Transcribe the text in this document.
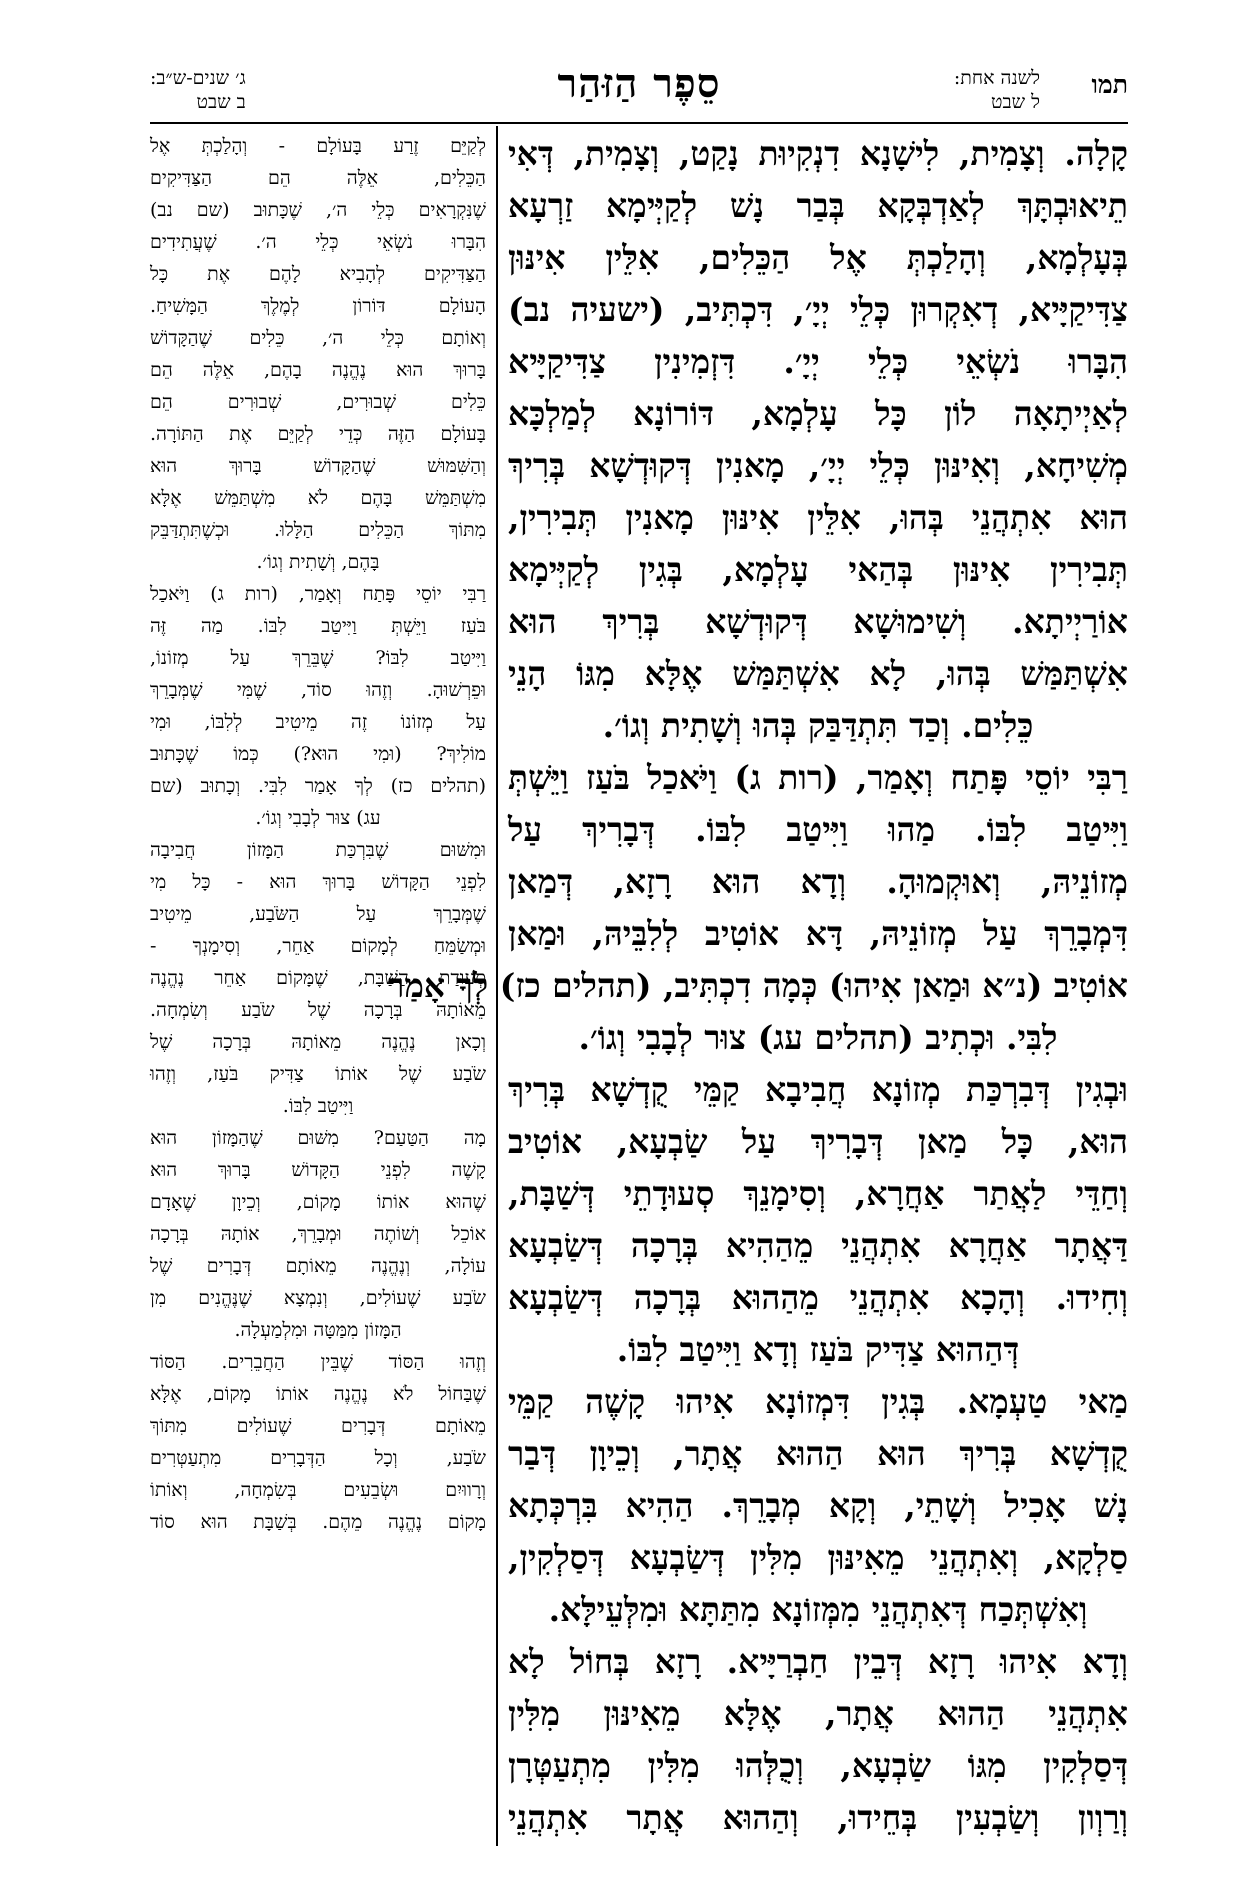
תמו
לשנה אחת:
ל שבט
סֵפֶר הַזּהַר
ג׳ שנים-ש״ב:
ב שבט
קָלָה. וְצָמִית, לִישָׁנָא דִנְקִיוּת נָקַט, וְצָמִית, דְּאִי
תֵיאוּבְתָּךְ לְאַדְבְּקָא בְּבַר נָשׁ לְקַיְּימָא זַרְעָא
בְּעָלְמָא, וְהָלַכְתְּ אֶל הַכֵּלִים, אִלֵּין אִינּוּן
צַדִּיקַיָּיא, דְאִקְרוּן כְּלֵי יְיָ׳, דִּכְתִּיב, (ישעיה נב)
הִבָּרוּ נֹשְׂאֵי כְּלֵי יְיָ׳. דִּזְמִינִין צַדִּיקַיָּיא
לְאַיְיתָאָה לוֹן כָּל עָלְמָא, דּוֹרוֹנָא לְמַלְכָּא
מְשִׁיחָא, וְאִינּוּן כְּלֵי יְיָ׳, מָאנִין דְּקוּדְשָׁא בְּרִיךְ
הוּא אִתְהֲנֵי בְּהוּ, אִלֵּין אִינּוּן מָאנִין תְּבִירִין,
תְּבִירִין אִינּוּן בְּהַאי עָלְמָא, בְּגִין לְקַיְּימָא
אוֹרַיְיתָא. וְשִׁימוּשָׁא דְּקוּדְשָׁא בְּרִיךְ הוּא
אִשְׁתַּמַּשׁ בְּהוּ, לָא אִשְׁתַּמַּשׁ אֶלָּא מִגּוֹ הָנֵי
כֵּלִים. וְכַד תִּתְדַּבַּק בְּהוּ וְשָׁתִית וְגוֹ׳.
רַבִּי יוֹסֵי פָּתַח וְאָמַר, (רות ג) וַיֹּאכַל בֹּעַז וַיֵּשְׁתְּ
וַיִּיטַב לִבּוֹ. מַהוּ וַיִּיטַב לִבּוֹ. דְּבָרִיךְ עַל
מְזוֹנֵיהּ, וְאוּקְמוּהָ. וְדָא הוּא רָזָא, דְּמַאן
דִּמְבָרֵךְ עַל מְזוֹנֵיהּ, דָּא אוֹטִיב לְלִבֵּיהּ, וּמַאן
אוֹטִיב (נ״א וּמַאן אִיהוּ) כְּמָה דִכְתִּיב, (תהלים כז) לְךָ אָמַר
לִבִּי. וּכְתִיב (תהלים עג) צוּר לְבָבִי וְגוֹ׳.
וּבְגִין דְּבִרְכַּת מְזוֹנָא חֲבִיבָא קַמֵּי קֻדְשָׁא בְּרִיךְ
הוּא, כָּל מַאן דְּבָרִיךְ עַל שַׂבְעָא, אוֹטִיב
וְחַדֵּי לַאֲתַר אַחֲרָא, וְסִימָנֵךְ סְעוּדָתֵי דְּשַׁבָּת,
דַּאֲתָר אַחֲרָא אִתְהֲנֵי מֵהַהִיא בְּרָכָה דְּשַׂבְעָא
וְחִידוּ. וְהָכָא אִתְהֲנֵי מֵהַהוּא בְּרָכָה דְּשַׂבְעָא
דְּהַהוּא צַדִּיק בֹּעַז וְדָא וַיִּיטַב לִבּוֹ.
מַאי טַעְמָא. בְּגִין דִּמְזוֹנָא אִיהוּ קָשֶׁה קַמֵּי
קֻדְשָׁא בְּרִיךְ הוּא הַהוּא אֲתָר, וְכֵיוָן דְּבַר
נָשׁ אָכִיל וְשָׁתֵי, וְקָא מְבָרֵךְ. הַהִיא בִּרְכְּתָא
סַלְקָא, וְאִתְהֲנֵי מֵאִינּוּן מִלִּין דְּשַׂבְעָא דְּסַלְקִין,
וְאִשְׁתְּכַח דְּאִתְהֲנֵי מִמְּזוֹנָא מִתַּתָּא וּמִלְּעֵילָּא.
וְדָא אִיהוּ רָזָא דְּבֵין חַבְרַיָּיא. רָזָא בְּחוֹל לָא
אִתְהֲנֵי הַהוּא אֲתָר, אֶלָּא מֵאִינּוּן מִלִּין
דְּסַלְקִין מִגּוֹ שַׂבְעָא, וְכֻלְּהוּ מִלִּין מִתְעַטְּרָן
וְרַוְון וְשַׂבְעִין בְּחֵידוּ, וְהַהוּא אֲתָר אִתְהֲנֵי
לְקַיֵּם זֶרַע בָּעוֹלָם - וְהָלַכְתְּ אֶל
הַכֵּלִים, אֵלֶּה הֵם הַצַּדִּיקִים
שֶׁנִּקְרָאִים כְּלֵי ה׳, שֶׁכָּתוּב (שם נב)
הִבָּרוּ נֹשְׂאֵי כְּלֵי ה׳. שֶׁעֲתִידִים
הַצַּדִּיקִים לְהָבִיא לָהֶם אֶת כָּל
הָעוֹלָם דּוֹרוֹן לְמֶלֶךְ הַמָּשִׁיחַ.
וְאוֹתָם כְּלֵי ה׳, כֵּלִים שֶׁהַקָּדוֹשׁ
בָּרוּךְ הוּא נֶהֱנֶה בָהֶם, אֵלֶּה הֵם
כֵּלִים שְׁבוּרִים, שְׁבוּרִים הֵם
בָּעוֹלָם הַזֶּה כְּדֵי לְקַיֵּם אֶת הַתּוֹרָה.
וְהַשִּׁמּוּשׁ שֶׁהַקָּדוֹשׁ בָּרוּךְ הוּא
מִשְׁתַּמֵּשׁ בָּהֶם לֹא מִשְׁתַּמֵּשׁ אֶלָּא
מִתּוֹךְ הַכֵּלִים הַלָּלוּ. וּכְשֶׁתִּתְדַּבֵּק
בָּהֶם, וְשָׁתִית וְגוֹ׳.
רַבִּי יוֹסֵי פָּתַח וְאָמַר, (רות ג) וַיֹּאכַל
בֹּעַז וַיֵּשְׁתְּ וַיִּיטַב לִבּוֹ. מַה זֶּה
וַיִּיטַב לִבּוֹ? שֶׁבֵּרֵךְ עַל מְזוֹנוֹ,
וּפֵרְשׁוּהָ. וְזֶהוּ סוֹד, שֶׁמִּי שֶׁמְּבָרֵךְ
עַל מְזוֹנוֹ זֶה מֵיטִיב לְלִבּוֹ, וּמִי
מוֹלִיךְ? (וּמִי הוּא?) כְּמוֹ שֶׁכָּתוּב
(תהלים כז) לְךָ אָמַר לִבִּי. וְכָתוּב (שם
עג) צוּר לְבָבִי וְגוֹ׳.
וּמִשּׁוּם שֶׁבִּרְכַּת הַמָּזוֹן חֲבִיבָה
לִפְנֵי הַקָּדוֹשׁ בָּרוּךְ הוּא - כָּל מִי
שֶׁמְּבָרֵךְ עַל הַשֹּׂבַע, מֵיטִיב
וּמְשַׂמֵּחַ לְמָקוֹם אַחֵר, וְסִימָנְךָ -
סְעוּדַת הַשַּׁבָּת, שֶׁמָּקוֹם אַחֵר נֶהֱנֶה
מֵאוֹתָהּ בְּרָכָה שֶׁל שֹׂבַע וְשִׂמְחָה.
וְכָאן נֶהֱנֶה מֵאוֹתָהּ בְּרָכָה שֶׁל
שֹׂבַע שֶׁל אוֹתוֹ צַדִּיק בֹּעַז, וְזֶהוּ
וַיִּיטַב לִבּוֹ.
מָה הַטַּעַם? מִשּׁוּם שֶׁהַמָּזוֹן הוּא
קָשֶׁה לִפְנֵי הַקָּדוֹשׁ בָּרוּךְ הוּא
שֶׁהוּא אוֹתוֹ מָקוֹם, וְכֵיוָן שֶׁאָדָם
אוֹכֵל וְשׁוֹתֶה וּמְבָרֵךְ, אוֹתָהּ בְּרָכָה
עוֹלָה, וְנֶהֱנֶה מֵאוֹתָם דְּבָרִים שֶׁל
שֹׂבַע שֶׁעוֹלִים, וְנִמְצָא שֶׁנֶּהֱנִים מִן
הַמָּזוֹן מִמַּטָּה וּמִלְמַעְלָה.
וְזֶהוּ הַסּוֹד שֶׁבֵּין הַחֲבֵרִים. הַסּוֹד
שֶׁבַּחוֹל לֹא נֶהֱנֶה אוֹתוֹ מָקוֹם, אֶלָּא
מֵאוֹתָם דְּבָרִים שֶׁעוֹלִים מִתּוֹךְ
שֹׂבַע, וְכָל הַדְּבָרִים מִתְעַטְּרִים
וְרָווּיִם וּשְׂבֵעִים בְּשִׂמְחָה, וְאוֹתוֹ
מָקוֹם נֶהֱנֶה מֵהֶם. בְּשַׁבָּת הוּא סוֹד
